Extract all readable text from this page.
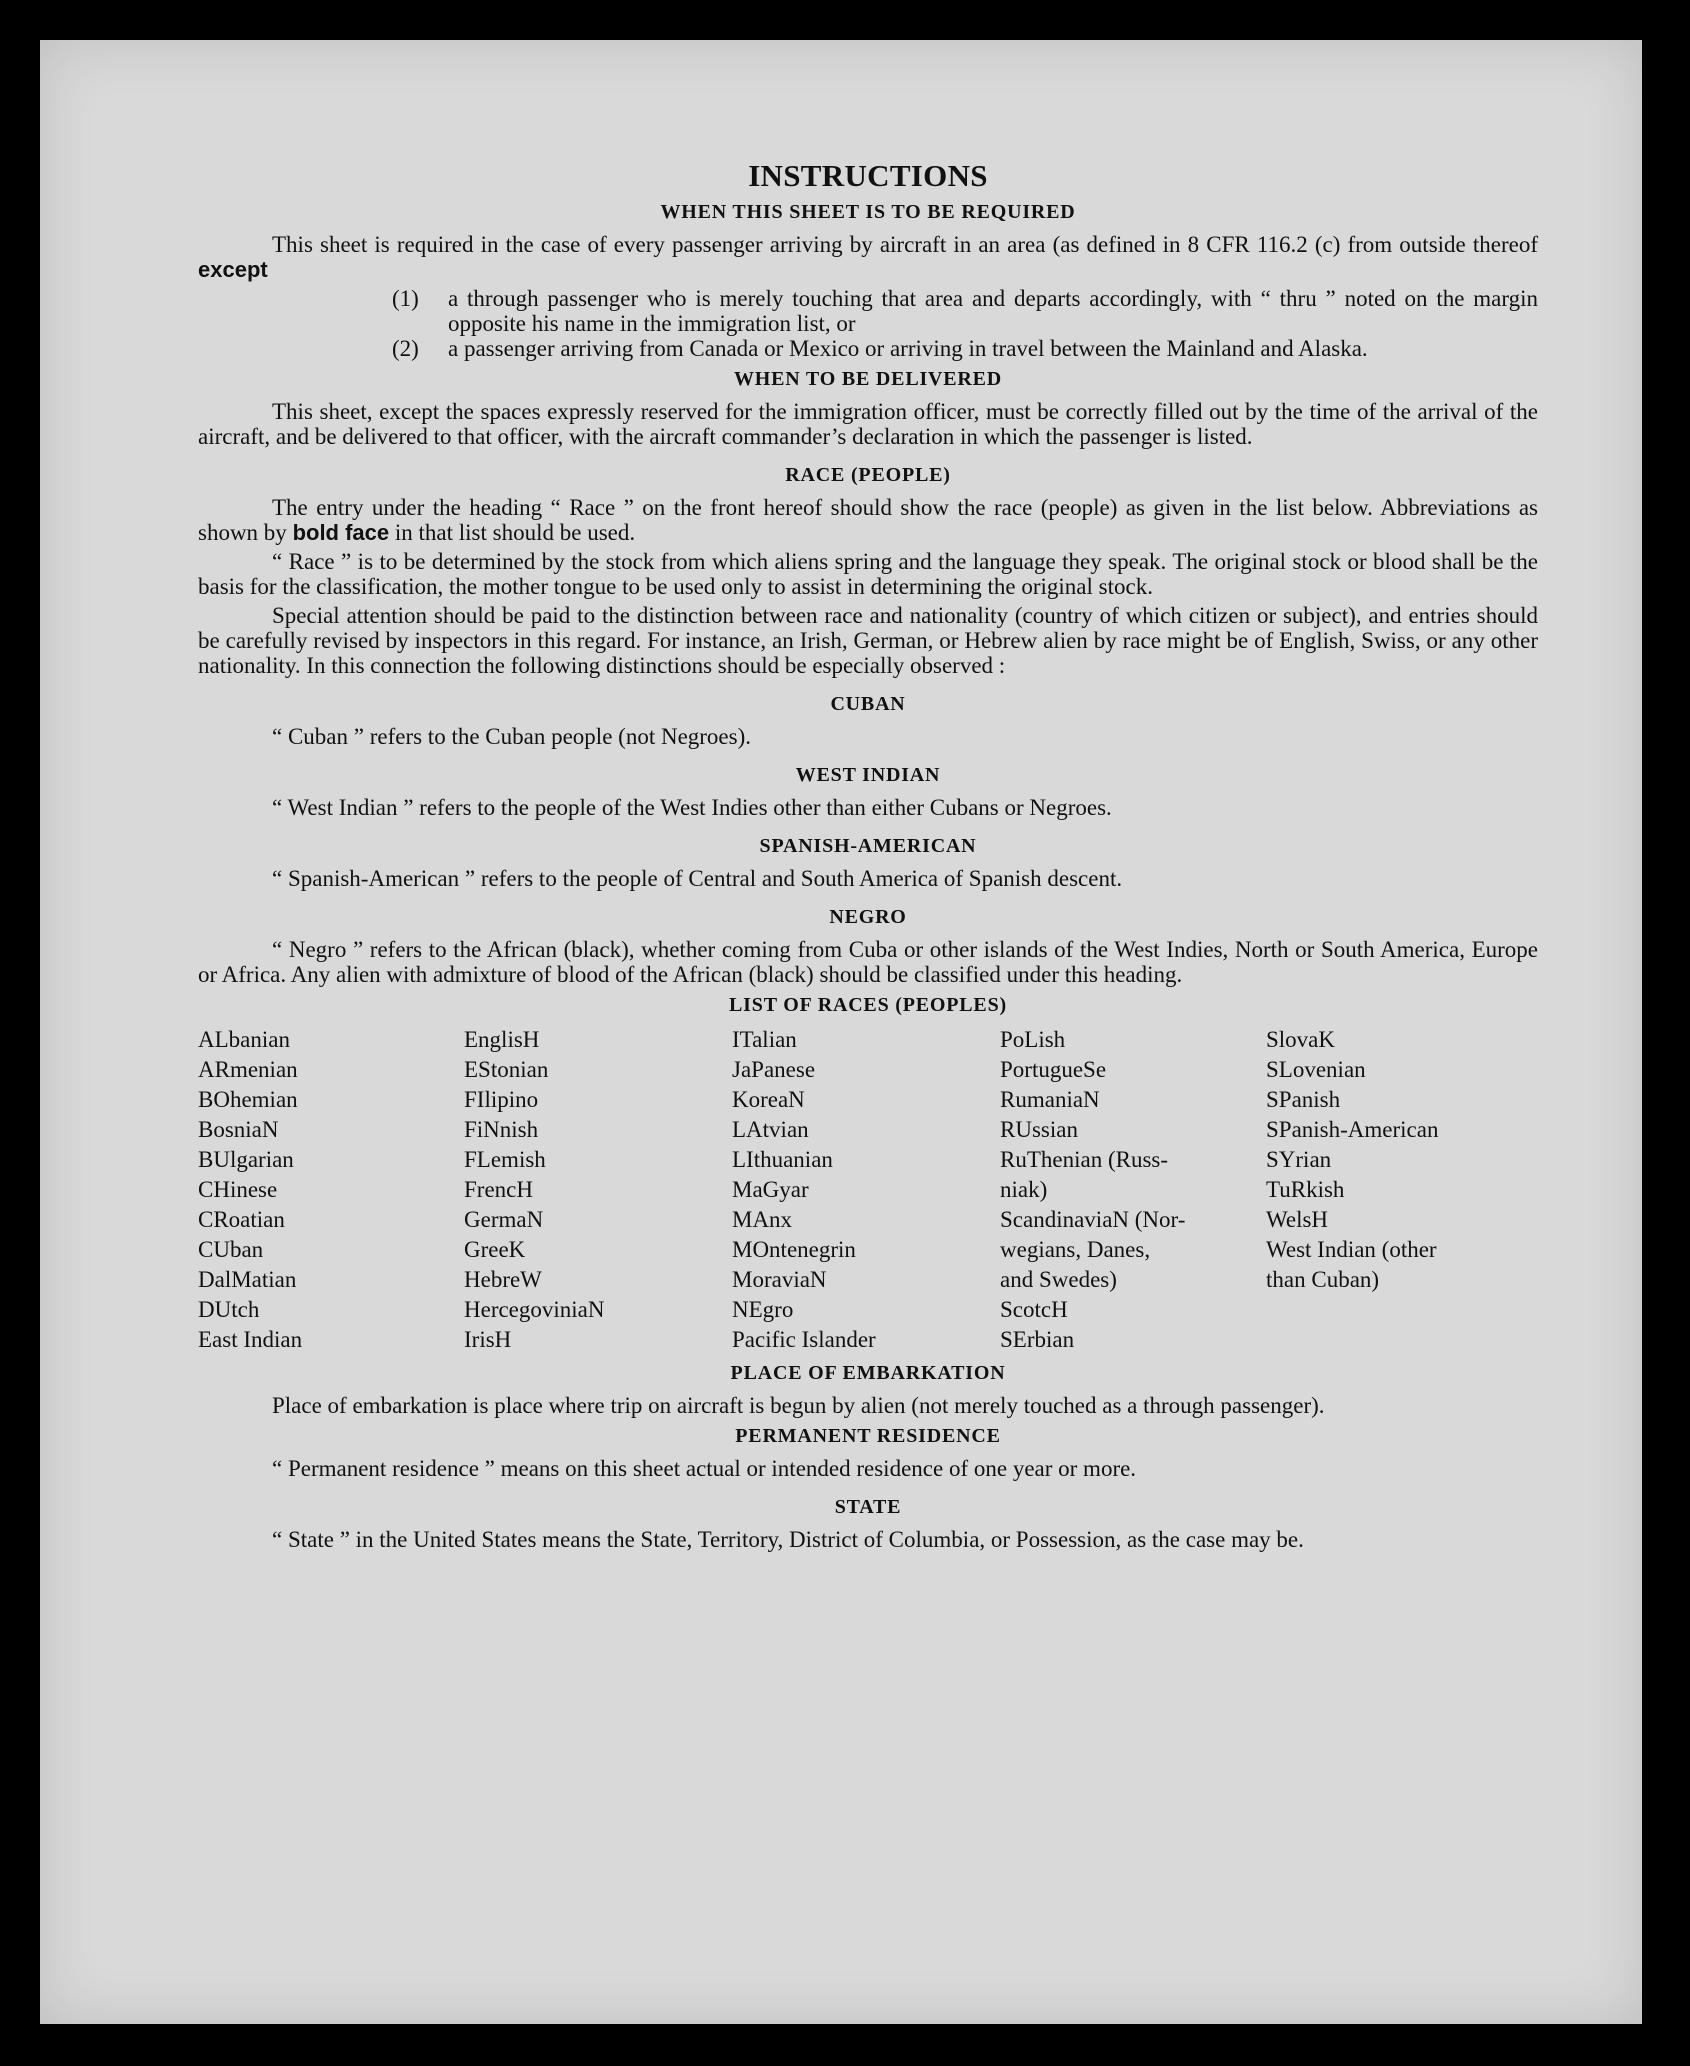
INSTRUCTIONS
WHEN THIS SHEET IS TO BE REQUIRED

This sheet is required in the case of every passenger arriving by aircraft in an area (as defined in 8 CFR 116.2 (c) from outside thereof except

(1)	a through passenger who is merely touching that area and departs accordingly, with “ thru ” noted on the margin opposite his name in the immigration list, or
(2)	a passenger arriving from Canada or Mexico or arriving in travel between the Mainland and Alaska.
WHEN TO BE DELIVERED

This sheet, except the spaces expressly reserved for the immigration officer, must be correctly filled out by the time of the arrival of the aircraft, and be delivered to that officer, with the aircraft commander’s declaration in which the passenger is listed.

RACE (PEOPLE)

The entry under the heading “ Race ” on the front hereof should show the race (people) as given in the list below. Abbreviations as shown by bold face in that list should be used.

“ Race ” is to be determined by the stock from which aliens spring and the language they speak. The original stock or blood shall be the basis for the classification, the mother tongue to be used only to assist in determining the original stock.

Special attention should be paid to the distinction between race and nationality (country of which citizen or subject), and entries should be carefully revised by inspectors in this regard. For instance, an Irish, German, or Hebrew alien by race might be of English, Swiss, or any other nationality. In this connection the following distinctions should be especially observed :

CUBAN

“ Cuban ” refers to the Cuban people (not Negroes).

WEST INDIAN

“ West Indian ” refers to the people of the West Indies other than either Cubans or Negroes.

SPANISH-AMERICAN

“ Spanish-American ” refers to the people of Central and South America of Spanish descent.

NEGRO

“ Negro ” refers to the African (black), whether coming from Cuba or other islands of the West Indies, North or South America, Europe or Africa. Any alien with admixture of blood of the African (black) should be classified under this heading.

LIST OF RACES (PEOPLES)
ALbanian
ARmenian
BOhemian
BosniaN
BUlgarian
CHinese
CRoatian
CUban
DalMatian
DUtch
East Indian
EnglisH
EStonian
FIlipino
FiNnish
FLemish
FrencH
GermaN
GreeK
HebreW
HercegoviniaN
IrisH
ITalian
JaPanese
KoreaN
LAtvian
LIthuanian
MaGyar
MAnx
MOntenegrin
MoraviaN
NEgro
Pacific Islander
PoLish
PortugueSe
RumaniaN
RUssian
RuThenian (Russ-
niak)
ScandinaviaN (Nor-
wegians, Danes,
and Swedes)
ScotcH
SErbian
SlovaK
SLovenian
SPanish
SPanish-American
SYrian
TuRkish
WelsH
West Indian (other
than Cuban)
PLACE OF EMBARKATION

Place of embarkation is place where trip on aircraft is begun by alien (not merely touched as a through passenger).

PERMANENT RESIDENCE

“ Permanent residence ” means on this sheet actual or intended residence of one year or more.

STATE

“ State ” in the United States means the State, Territory, District of Columbia, or Possession, as the case may be.
